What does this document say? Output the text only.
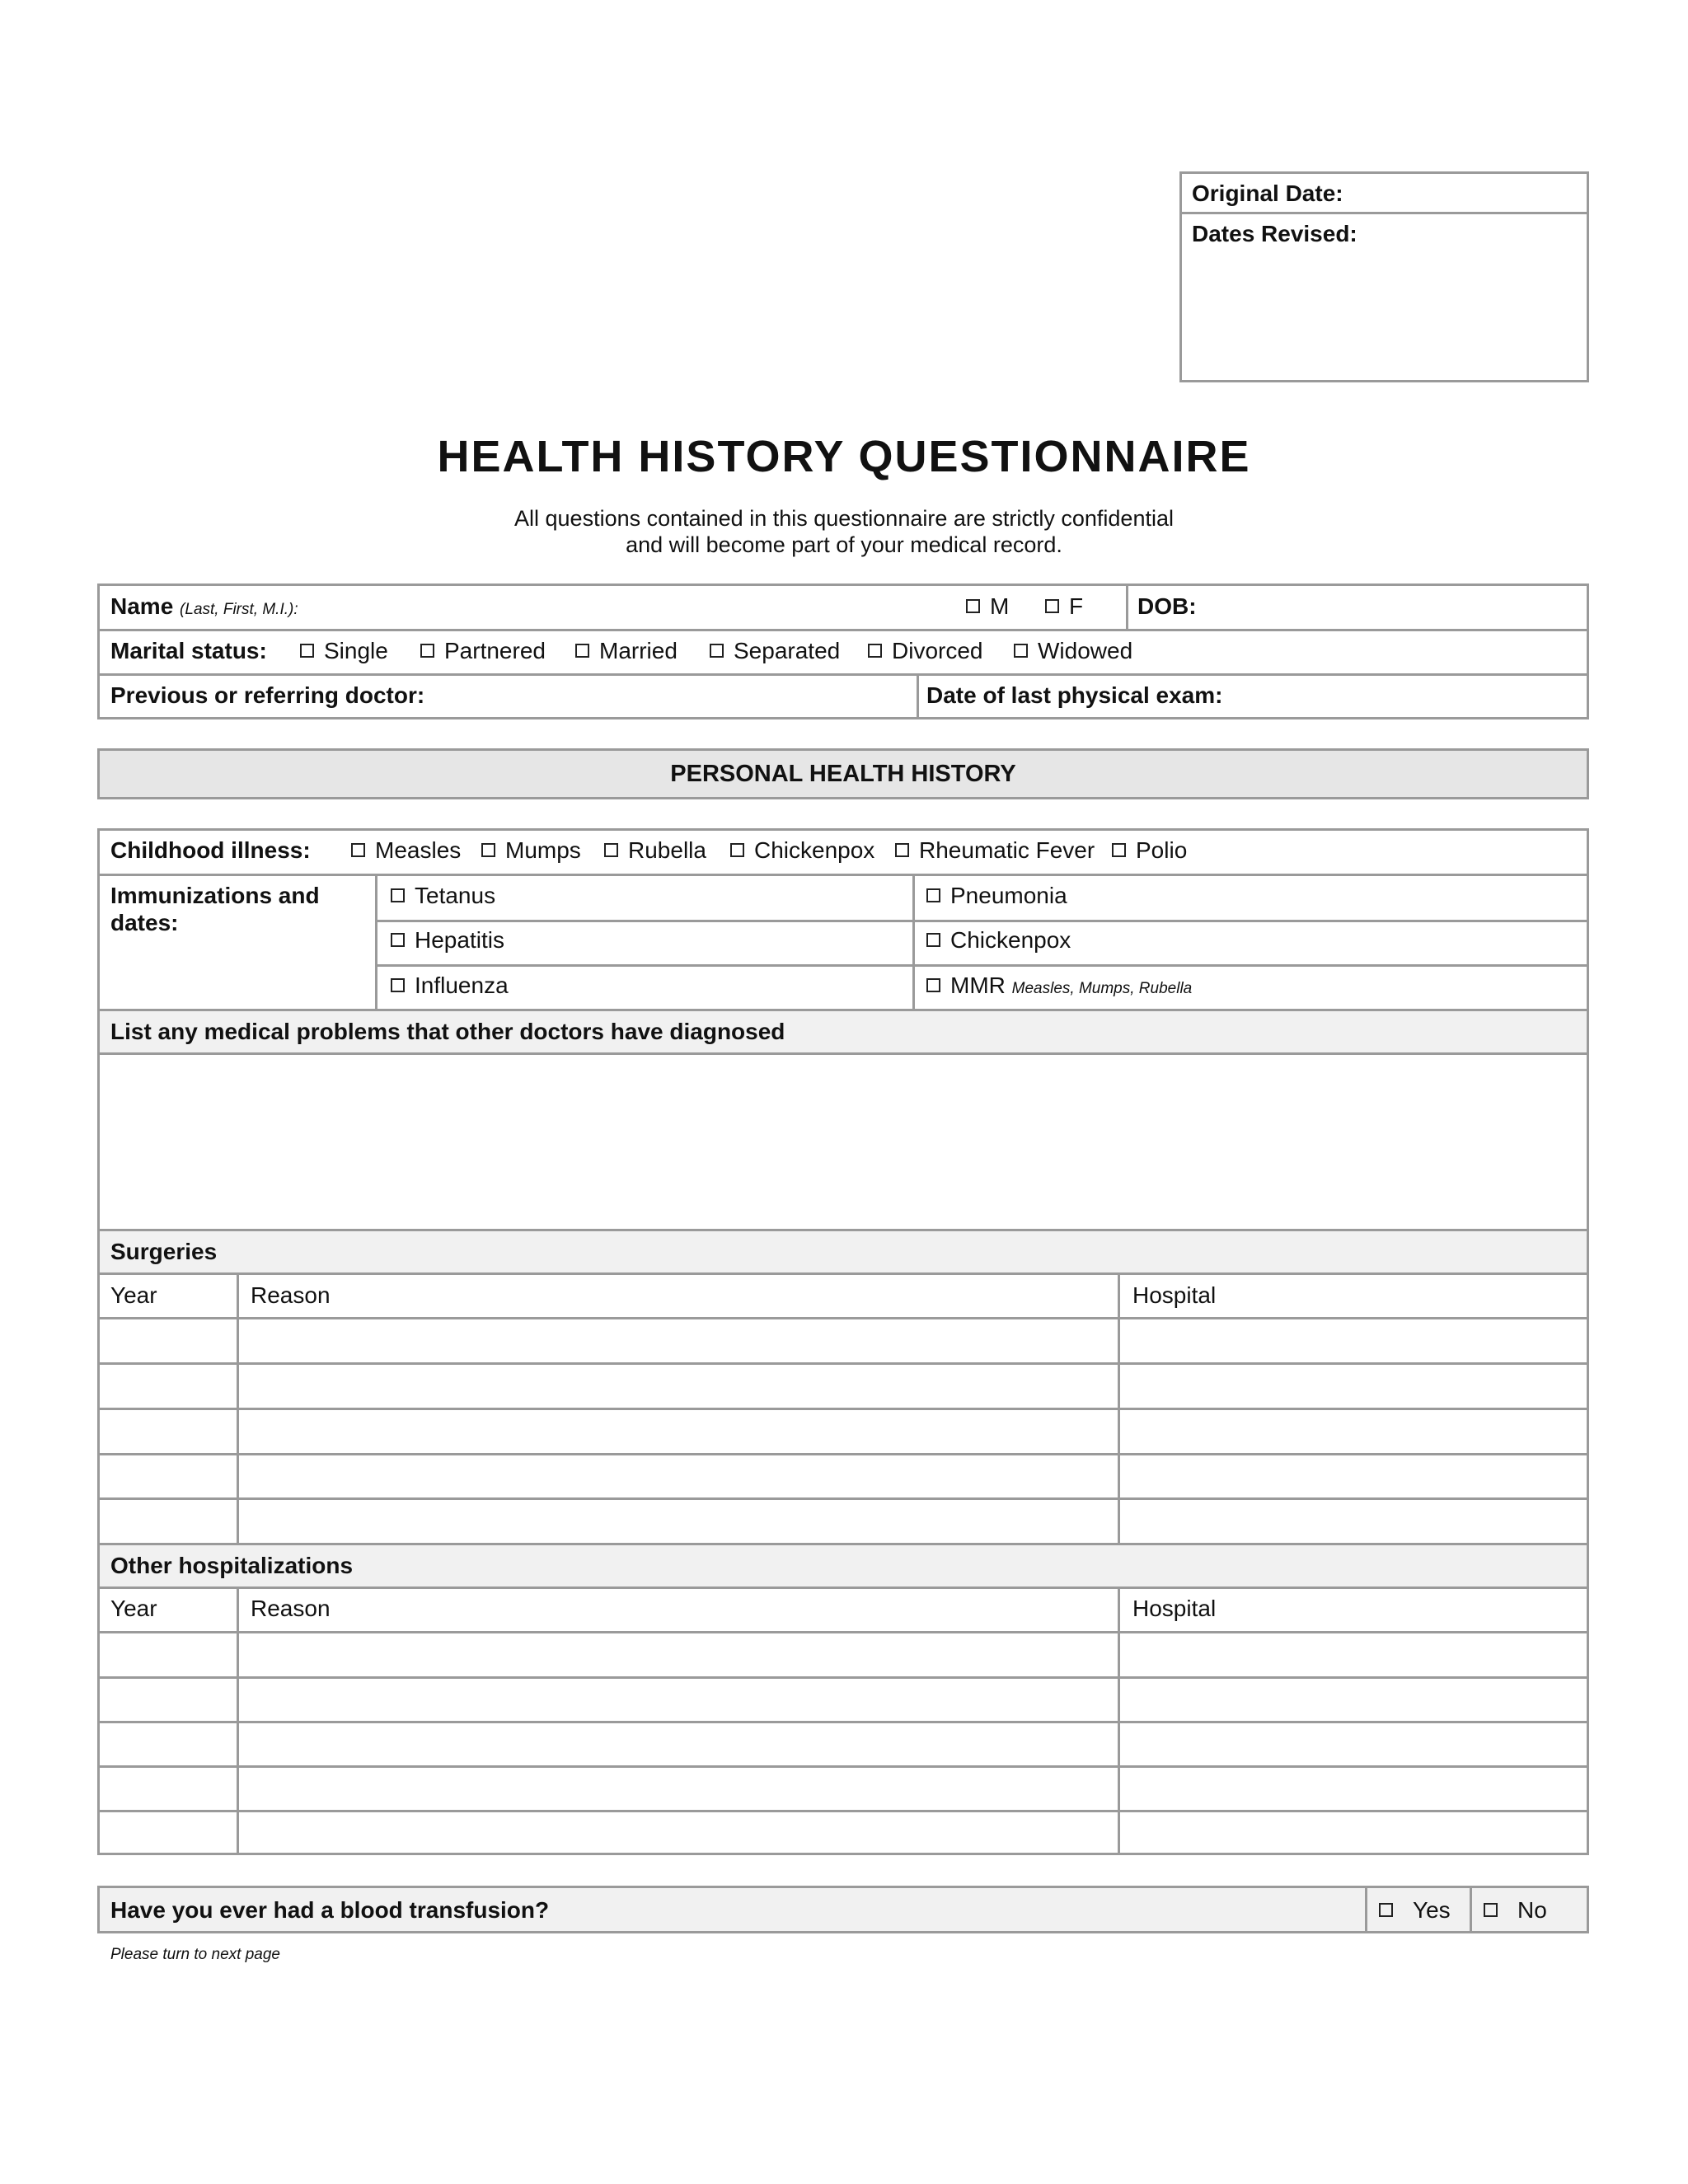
Original Date:
Dates Revised:
HEALTH HISTORY QUESTIONNAIRE
All questions contained in this questionnaire are strictly confidential
and will become part of your medical record.
Name (Last, First, M.I.):	M	F DOB:
Marital status:	Single	Partnered	Married	Separated	Divorced	Widowed
Previous or referring doctor:	Date of last physical exam:
PERSONAL HEALTH HISTORY
Childhood illness:	Measles	Mumps	Rubella	Chickenpox	Rheumatic Fever	Polio
Immunizations and
dates:
Tetanus	Pneumonia
Hepatitis	Chickenpox
Influenza	MMR Measles, Mumps, Rubella
List any medical problems that other doctors have diagnosed
Surgeries
Year	Reason	Hospital
Other hospitalizations
Year	Reason	Hospital
Have you ever had a blood transfusion?	Yes	No
Please turn to next page
